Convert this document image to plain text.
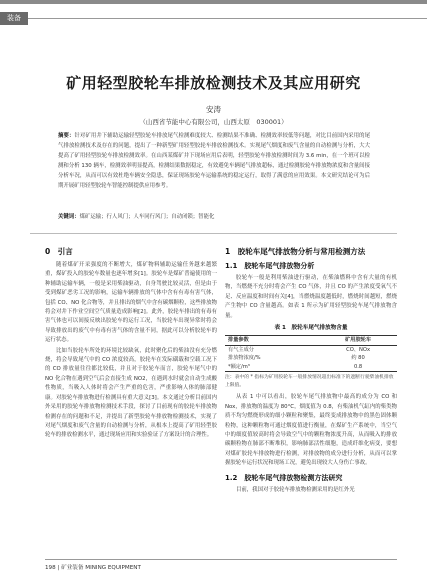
装备
矿用轻型胶轮车排放检测技术及其应用研究
安涛
（山西省节能中心有限公司，山西太原　030001）
摘要：针对矿用井下辅助运输轻型胶轮车排放尾气检测难度较大、检测结果不准确、检测效率较低等问题，对比目前国内采用的尾气排放检测技术及存在的问题，提出了一种新型矿用轻型胶轮车排放检测技术。实现尾气烟度和废气含量的自动检测与分析，大大提高了矿用轻型胶轮车排放检测效率。在山西某煤矿井下现场应用后表明，轻型胶轮车排放检测时间为 3.6 min，在一个班可以检测和分析 130 辆车，检测效率明显提高，检测结果数据稳定，有效避免车辆尾气排放超标，通过检测胶轮车排放物浓度和含量间接分析车况，从而可以有效杜绝车辆安全隐患，保证现场胶轮车运输系统的稳定运行，取得了满意的应用效果。本文研究结论可为后期开展矿用轻型胶轮车智能控制提供应用参考。
关键词：煤矿运输；行人风门；人车同行风门；自动闭锁；智能化
0　引言

随着煤矿开采强度的不断增大，煤矿物料辅助运输任务越来越繁重，煤矿投入的胶轮车数量也逐年增多[1]。胶轮车是煤矿普遍使用的一种辅助运输车辆，一般是采用柴油驱动，自身驾驶比较灵活，但是由于受到煤矿恶劣工况的影响，运输车辆排放的气体中含有有毒有害气体，包括 CO、NO 化合物等，并且排出的烟气中含有碳烟颗粒，这些排放物将会对井下作业空间空气质量造成影响[2]。此外，胶轮车排出的有毒有害气体也可以间接反映出胶轮车的运行工况，当胶轮车出现异常时将会导致排放出的废气中有毒有害气体的含量不同，据此可以分析胶轮车的运行状态。

比如当胶轮车所处的环境比较缺氧，此时聚化后的柴油没有充分燃烧，将会导致尾气中的 CO 浓度较高，胶轮车在发际磺载和空载工况下的 CO 排放量往往都比较低，并且对于胶轮车而言，胶轮车尾气中的 NO 化合物在遇到空气后会直接生成 NO2，在遇到水时就会自动生成酸性物质，当吸入人体时将会产生严重的危害，严重影响人体的肺部健康。对胶轮车排放物进行检测具有重大意义[3]。本文通过分析目前国内外采用的胶轮车排放物检测技术手段，探讨了目前现有的胶轮车排放物检测存在的问题和不足，并提出了新型胶轮车排放物检测技术，实现了对尾气烟度和废气含量的自动检测与分析，从根本上提高了矿用轻型胶轮车的排放检测水平，通过现场应用和实验验证了方案设计的合理性。

1　胶轮车尾气排放物分析与常用检测方法
1.1　胶轮车尾气排放物分析

胶轮车一般是利用柴油进行驱动，在柴油燃料中含有大量的有机物，当燃烧不充分时将会产生 CO 气体，并且 CO 的产生浓度受氧气不足、反应温度和时间有关[4]，当燃烧温度越低时，燃烧时间越短，燃烧产生物中 CO 含量越高。如表 1 所示为矿用轻型胶轮车尾气排放物含量。

表 1　胶轮车尾气排放物含量
排量参数	矿用胶轮车
有气主成分	CO、NOx
排放物浓度/%	约 80
*额定/m³	0.8
注：表中的 * 指标为矿用胶轮车一般排放情况超出标准下的遮断行驶柴油机排放上限值。

从表 1 中可以看出，胶轮车尾气排放物中最高的成分为 CO 和 Nox，排放物的温度为 80°C，烟度值为 0.8，有柴油机气缸内的柴类物质不均匀燃烧形成的细小颗粒和聚集，最终变成排放物中的黑色固体颗粒物，这种颗粒物可通过烟度值进行衡量，在煤矿生产系统中，当空气中的细度值较高时将会导致空气中的颗粒物浓度升高，从而吸入的排放碳颗粒物在肺部不断堆积，影响肺部活性细胞，造成纤维化病变，要想对煤矿胶轮车排放物进行检测，对排放物的成分进行分析，从而可以掌握胶轮车运行状况和现场工况，避免出现较大人身伤亡事故。

1.2　胶轮车尾气排放物检测方法研究

目前，我国对于胶轮车排放物检测采用的是红外光

198 | 矿业装备 MINING EQUIPMENT
